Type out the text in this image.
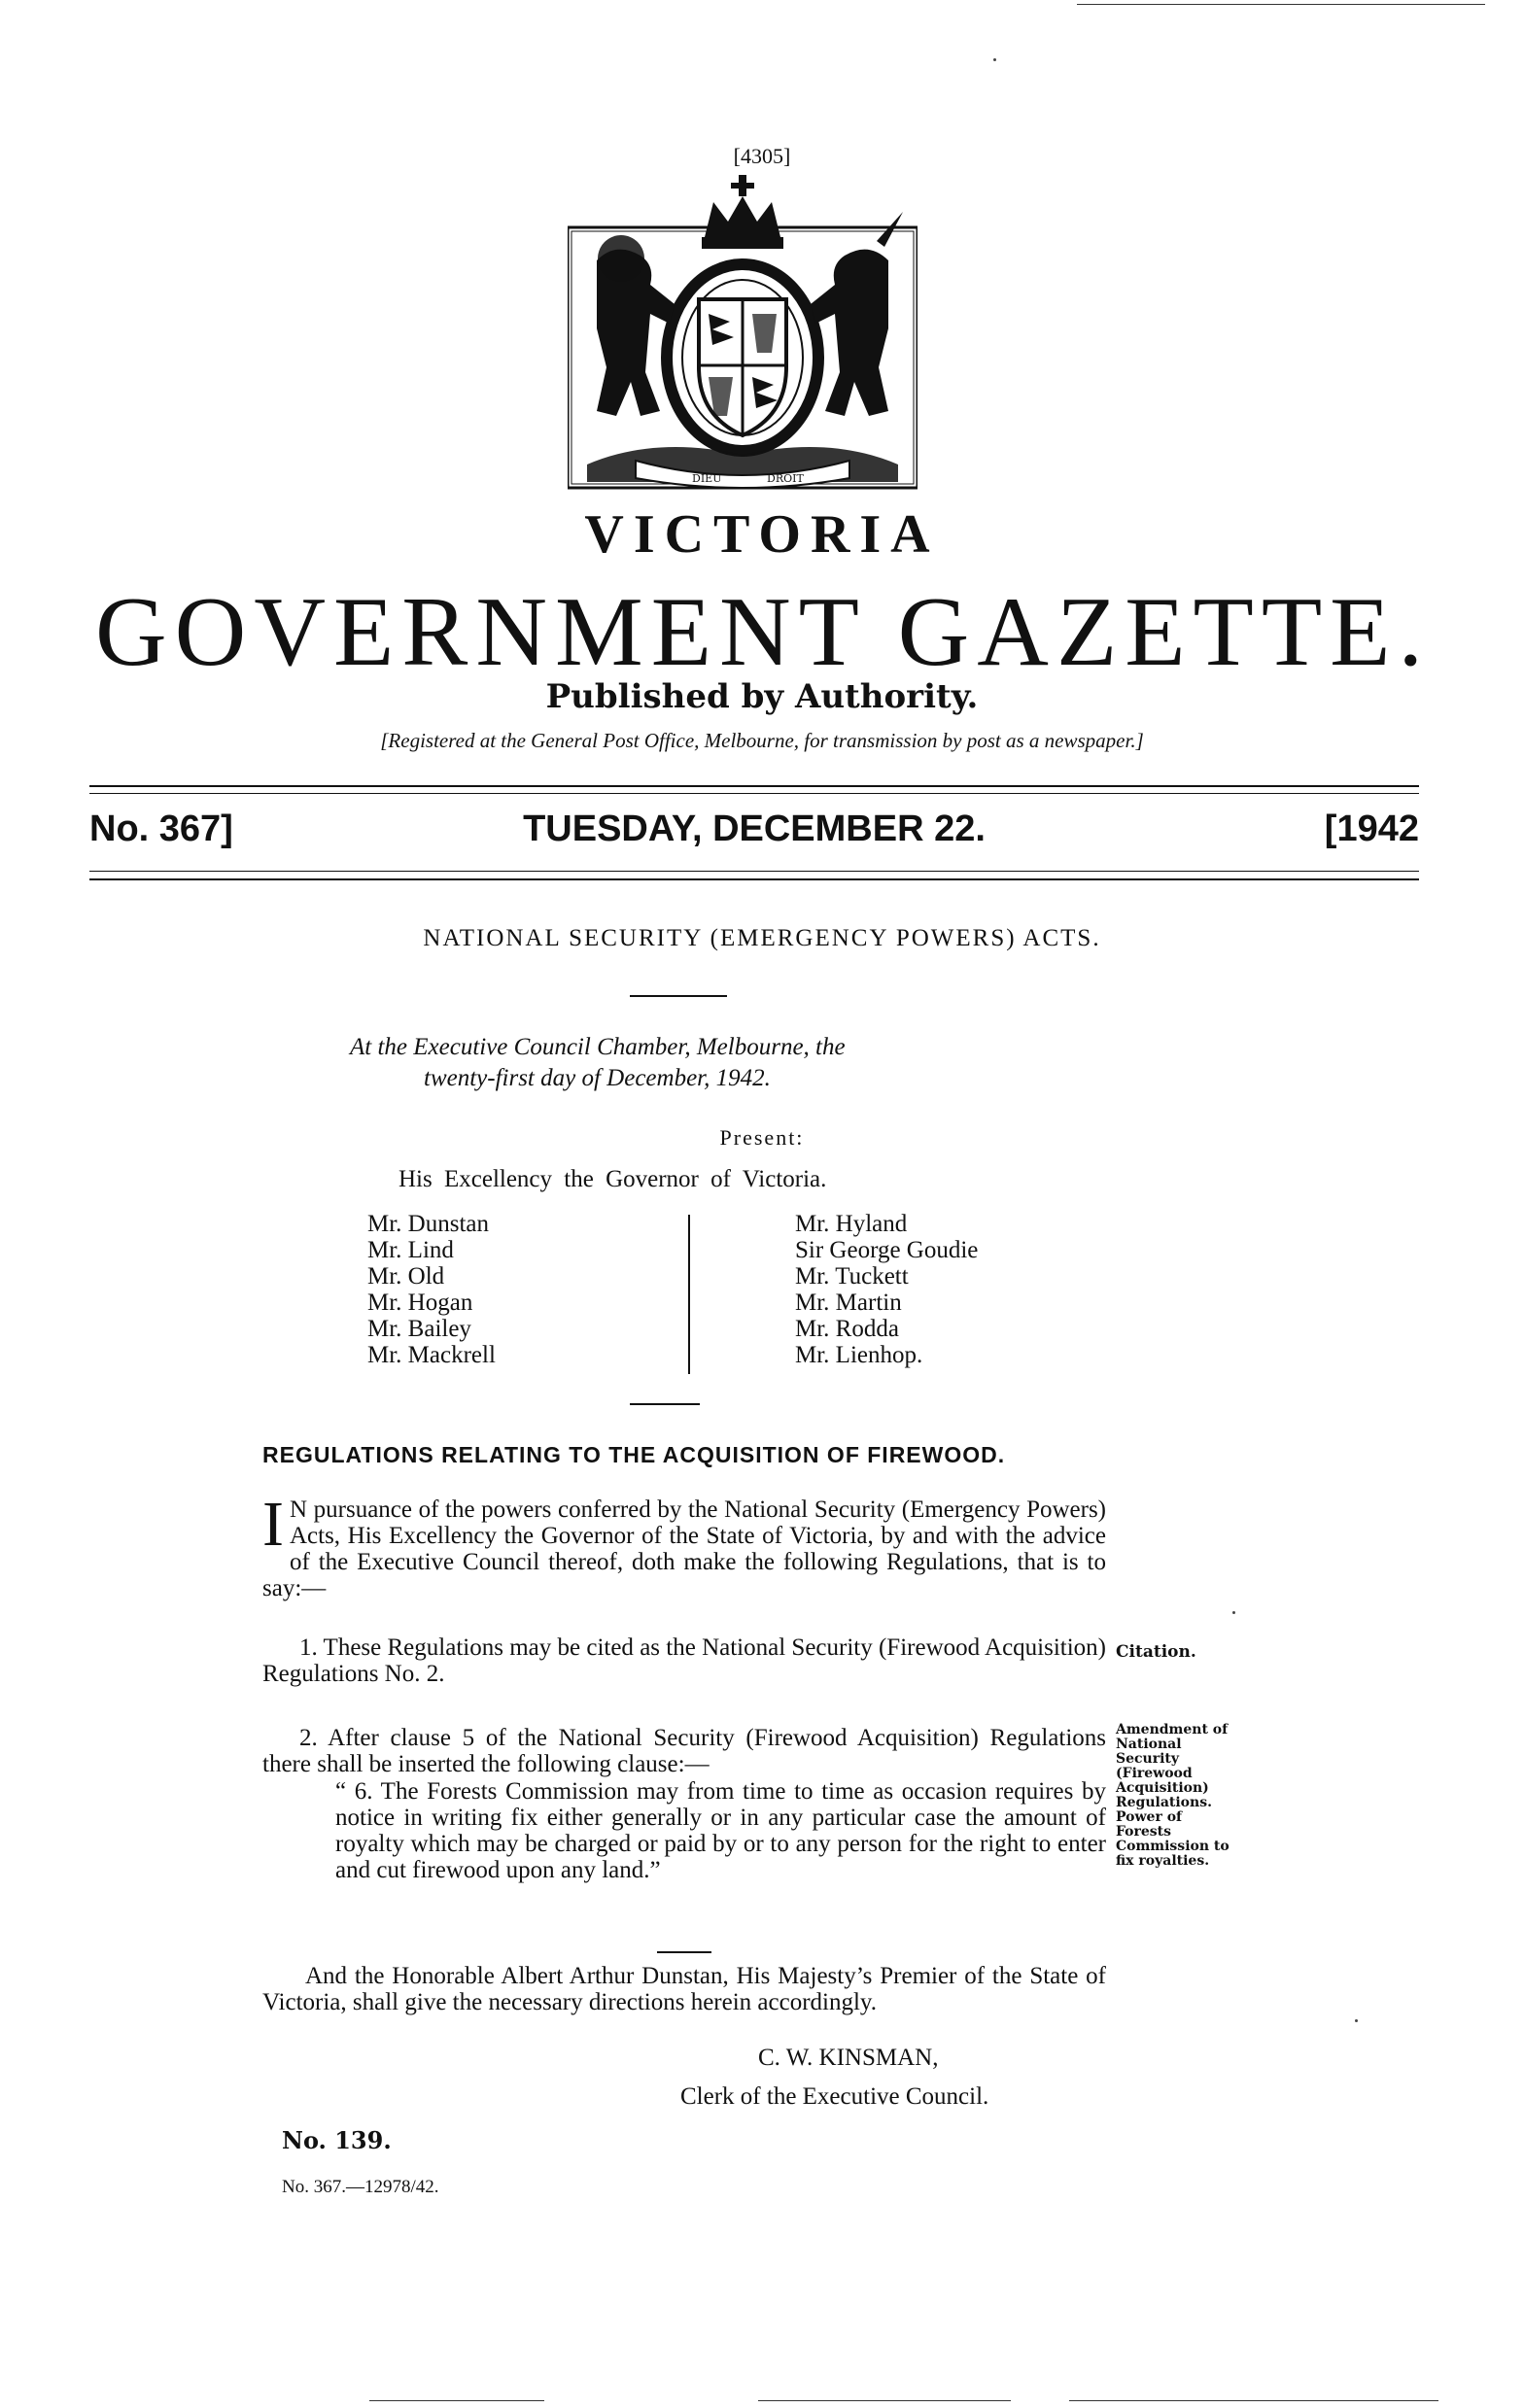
[4305]
DIEU	DROIT
VICTORIA
GOVERNMENT GAZETTE.
Published by Authority.
[Registered at the General Post Office, Melbourne, for transmission by post as a newspaper.]
No. 367]	TUESDAY, DECEMBER 22.	[1942
NATIONAL SECURITY (EMERGENCY POWERS) ACTS.
At the Executive Council Chamber, Melbourne, the
twenty-first day of December, 1942.
Present:
His Excellency the Governor of Victoria.
Mr. Dunstan
Mr. Lind
Mr. Old
Mr. Hogan
Mr. Bailey
Mr. Mackrell
Mr. Hyland
Sir George Goudie
Mr. Tuckett
Mr. Martin
Mr. Rodda
Mr. Lienhop.
REGULATIONS RELATING TO THE ACQUISITION OF FIREWOOD.
I N pursuance of the powers conferred by the National Security (Emergency Powers) Acts, His Excellency the Governor of the State of Victoria, by and with the advice of the Executive Council thereof, doth make the following Regulations, that is to say:—
1. These Regulations may be cited as the National Security (Firewood Acquisition) Regulations No. 2.
Citation.
2. After clause 5 of the National Security (Firewood Acquisition) Regulations there shall be inserted the following clause:—
“ 6. The Forests Commission may from time to time as occasion requires by notice in writing fix either generally or in any particular case the amount of royalty which may be charged or paid by or to any person for the right to enter and cut firewood upon any land.”
Amendment of National Security (Firewood Acquisition) Regulations. Power of Forests Commission to fix royalties.
And the Honorable Albert Arthur Dunstan, His Majesty’s Premier of the State of Victoria, shall give the necessary directions herein accordingly.
C. W. KINSMAN,
Clerk of the Executive Council.
No. 139.
No. 367.—12978/42.
